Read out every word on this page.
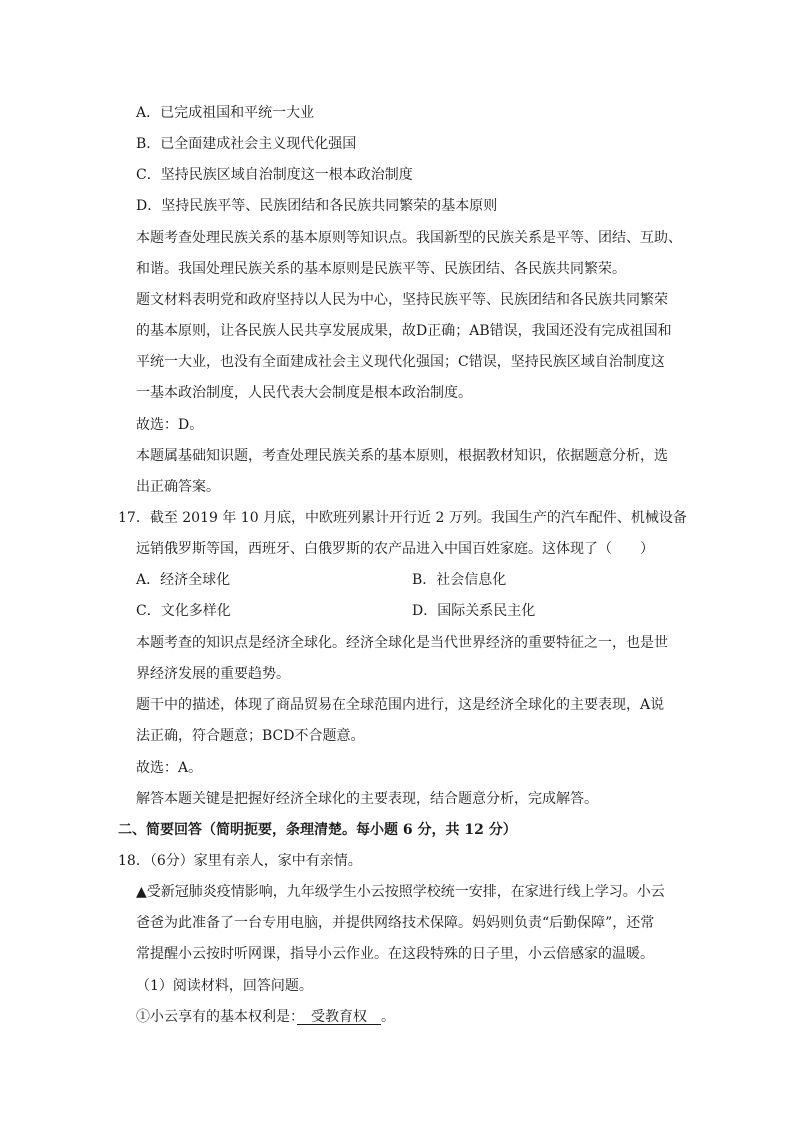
A．已完成祖国和平统一大业
B．已全面建成社会主义现代化强国
C．坚持民族区域自治制度这一根本政治制度
D．坚持民族平等、民族团结和各民族共同繁荣的基本原则
本题考查处理民族关系的基本原则等知识点。我国新型的民族关系是平等、团结、互助、
和谐。我国处理民族关系的基本原则是民族平等、民族团结、各民族共同繁荣。
题文材料表明党和政府坚持以人民为中心，坚持民族平等、民族团结和各民族共同繁荣
的基本原则，让各民族人民共享发展成果，故D正确；AB错误，我国还没有完成祖国和
平统一大业，也没有全面建成社会主义现代化强国；C错误，坚持民族区域自治制度这
一基本政治制度，人民代表大会制度是根本政治制度。
故选：D。
本题属基础知识题，考查处理民族关系的基本原则，根据教材知识，依据题意分析，选
出正确答案。
17．截至 2019 年 10 月底，中欧班列累计开行近 2 万列。我国生产的汽车配件、机械设备
远销俄罗斯等国，西班牙、白俄罗斯的农产品进入中国百姓家庭。这体现了（　　）
A．经济全球化	B．社会信息化
C．文化多样化	D．国际关系民主化
本题考查的知识点是经济全球化。经济全球化是当代世界经济的重要特征之一，也是世
界经济发展的重要趋势。
题干中的描述，体现了商品贸易在全球范围内进行，这是经济全球化的主要表现，A说
法正确，符合题意；BCD不合题意。
故选：A。
解答本题关键是把握好经济全球化的主要表现，结合题意分析，完成解答。
二、简要回答（简明扼要，条理清楚。每小题 6 分，共 12 分）
18．（6分）家里有亲人，家中有亲情。
▲受新冠肺炎疫情影响，九年级学生小云按照学校统一安排，在家进行线上学习。小云
爸爸为此准备了一台专用电脑，并提供网络技术保障。妈妈则负责“后勤保障”，还常
常提醒小云按时听网课，指导小云作业。在这段特殊的日子里，小云倍感家的温暖。
（1）阅读材料，回答问题。
①小云享有的基本权利是：　受教育权　。
